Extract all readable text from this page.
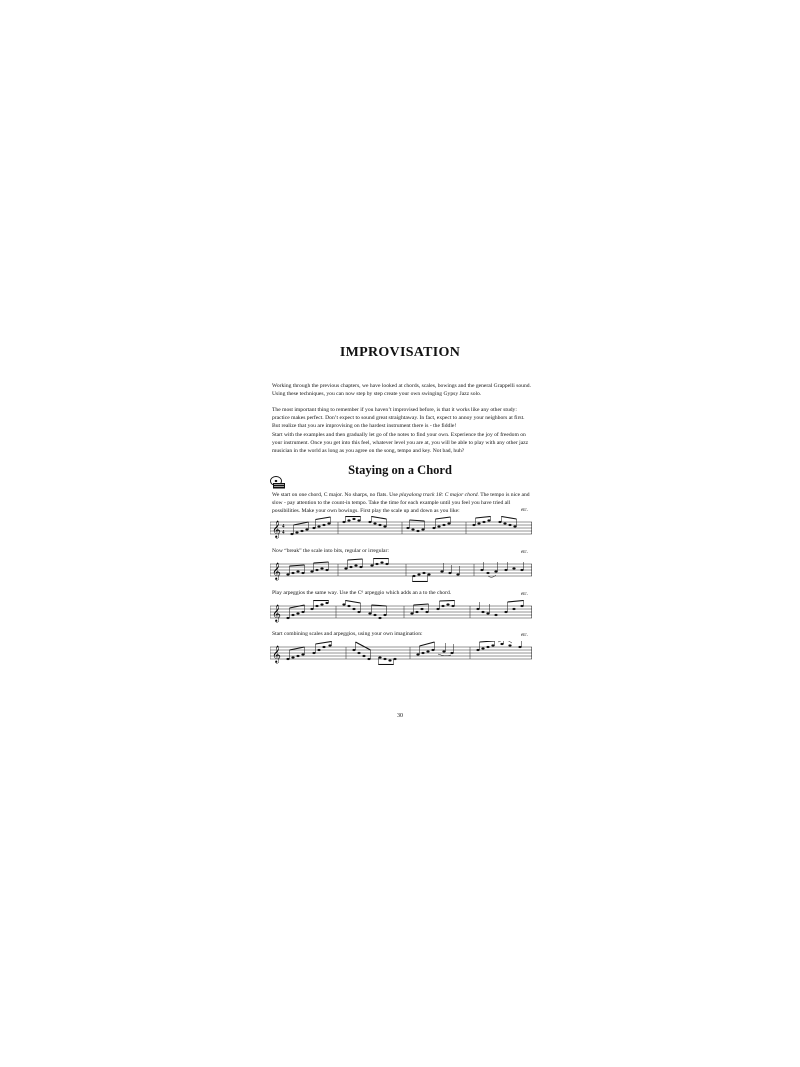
IMPROVISATION

Working through the previous chapters, we have looked at chords, scales, bowings and the general Grappelli sound. Using these techniques, you can now step by step create your own swinging Gypsy Jazz solo.

The most important thing to remember if you haven’t improvised before, is that it works like any other study: practice makes perfect. Don’t expect to sound great straightaway. In fact, expect to annoy your neighbors at first. But realize that you are improvising on the hardest instrument there is - the fiddle!

Start with the examples and then gradually let go of the notes to find your own. Experience the joy of freedom on your instrument. Once you get into this feel, whatever level you are at, you will be able to play with any other jazz musician in the world as long as you agree on the song, tempo and key. Not bad, huh?

Staying on a Chord

We start on one chord, C major. No sharps, no flats. Use playalong track 18: C major chord. The tempo is nice and slow - pay attention to the count-in tempo. Take the time for each example until you feel you have tried all possibilities. Make your own bowings. First play the scale up and down as you like:

𝄞 4
4
etc.

Now “break” the scale into bits, regular or irregular:

𝄞
etc.

Play arpeggios the same way. Use the C⁶ arpeggio which adds an a to the chord.

𝄞
etc.

Start combining scales and arpeggios, using your own imagination:

𝄞
etc.
30
